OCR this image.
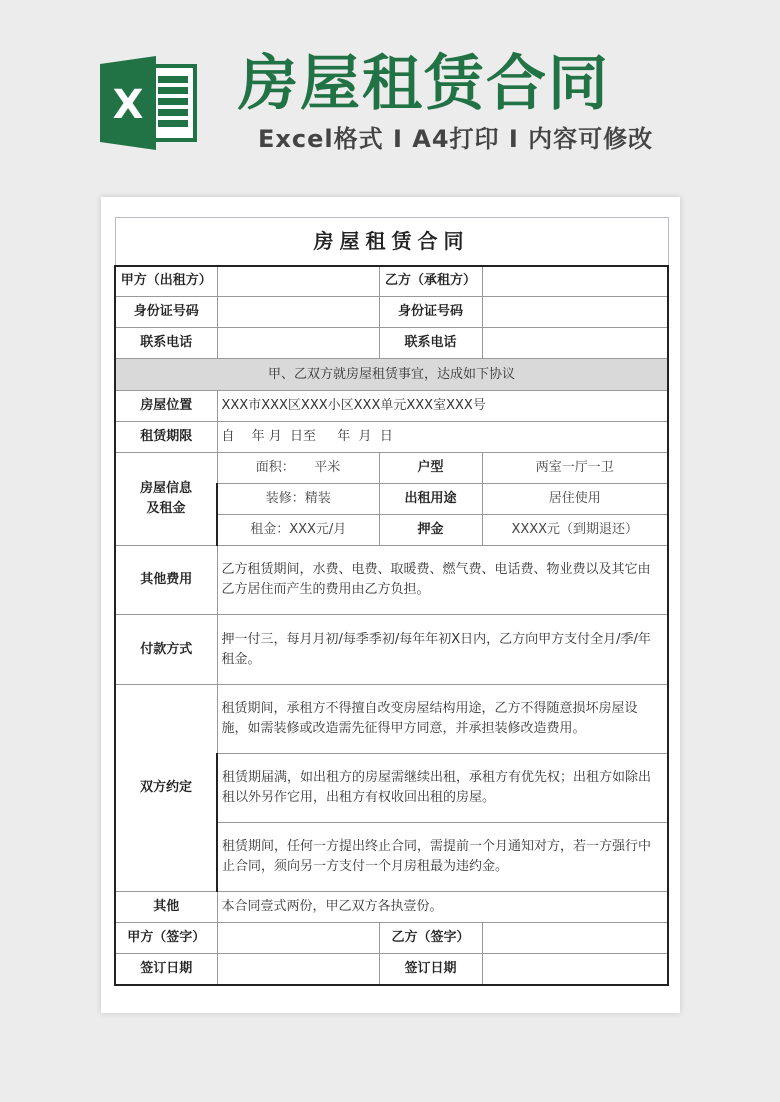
X 房屋租赁合同
Excel格式 I A4打印 I 内容可修改
房屋租赁合同			
甲方（出租方）		乙方（承租方）	
身份证号码		身份证号码	
联系电话		联系电话	
甲、乙双方就房屋租赁事宜，达成如下协议			
房屋位置	XXX市XXX区XXX小区XXX单元XXX室XXX号		
租赁期限	自　 年 月  日至　  年  月  日		
房屋信息及租金	面积：　　平米	户型	两室一厅一卫
	装修：精装	出租用途	居住使用
	租金：XXX元/月	押金	XXXX元（到期退还）
其他费用	乙方租赁期间，水费、电费、取暖费、燃气费、电话费、物业费以及其它由乙方居住而产生的费用由乙方负担。		
付款方式	押一付三，每月月初/每季季初/每年年初X日内，乙方向甲方支付全月/季/年租金。		
双方约定	租赁期间，承租方不得擅自改变房屋结构用途，乙方不得随意损坏房屋设施，如需装修或改造需先征得甲方同意，并承担装修改造费用。		
	租赁期届满，如出租方的房屋需继续出租，承租方有优先权；出租方如除出租以外另作它用，出租方有权收回出租的房屋。		
	租赁期间，任何一方提出终止合同，需提前一个月通知对方，若一方强行中止合同，须向另一方支付一个月房租最为违约金。		
其他	本合同壹式两份，甲乙双方各执壹份。		
甲方（签字）		乙方（签字）	
签订日期		签订日期	
